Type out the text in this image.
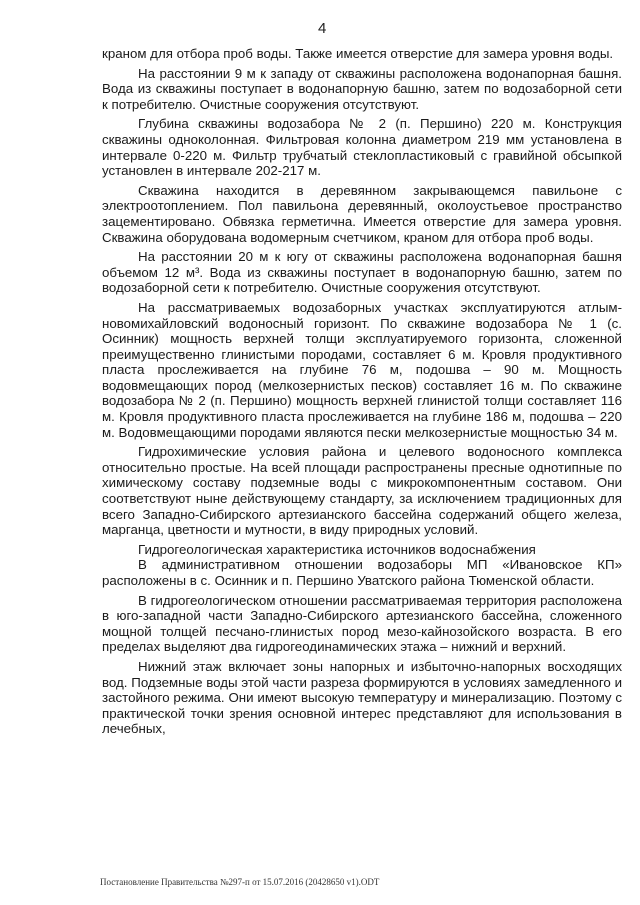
4

краном для отбора проб воды. Также имеется отверстие для замера уровня воды.

На расстоянии 9 м к западу от скважины расположена водонапорная башня. Вода из скважины поступает в водонапорную башню, затем по водозаборной сети к потребителю. Очистные сооружения отсутствуют.

Глубина скважины водозабора № 2 (п. Першино) 220 м. Конструкция скважины одноколонная. Фильтровая колонна диаметром 219 мм установлена в интервале 0-220 м. Фильтр трубчатый стеклопластиковый с гравийной обсыпкой установлен в интервале 202-217 м.

Скважина находится в деревянном закрывающемся павильоне с электроотоплением. Пол павильона деревянный, околоустьевое пространство зацементировано. Обвязка герметична. Имеется отверстие для замера уровня. Скважина оборудована водомерным счетчиком, краном для отбора проб воды.

На расстоянии 20 м к югу от скважины расположена водонапорная башня объемом 12 м³. Вода из скважины поступает в водонапорную башню, затем по водозаборной сети к потребителю. Очистные сооружения отсутствуют.

На рассматриваемых водозаборных участках эксплуатируются атлым-новомихайловский водоносный горизонт. По скважине водозабора № 1 (с. Осинник) мощность верхней толщи эксплуатируемого горизонта, сложенной преимущественно глинистыми породами, составляет 6 м. Кровля продуктивного пласта прослеживается на глубине 76 м, подошва – 90 м. Мощность водовмещающих пород (мелкозернистых песков) составляет 16 м. По скважине водозабора № 2 (п. Першино) мощность верхней глинистой толщи составляет 116 м. Кровля продуктивного пласта прослеживается на глубине 186 м, подошва – 220 м. Водовмещающими породами являются пески мелкозернистые мощностью 34 м.

Гидрохимические условия района и целевого водоносного комплекса относительно простые. На всей площади распространены пресные однотипные по химическому составу подземные воды с микрокомпонентным составом. Они соответствуют ныне действующему стандарту, за исключением традиционных для всего Западно-Сибирского артезианского бассейна содержаний общего железа, марганца, цветности и мутности, в виду природных условий.

Гидрогеологическая характеристика источников водоснабжения

В административном отношении водозаборы МП «Ивановское КП» расположены в с. Осинник и п. Першино Уватского района Тюменской области.

В гидрогеологическом отношении рассматриваемая территория расположена в юго-западной части Западно-Сибирского артезианского бассейна, сложенного мощной толщей песчано-глинистых пород мезо-кайнозойского возраста. В его пределах выделяют два гидрогеодинамических этажа – нижний и верхний.

Нижний этаж включает зоны напорных и избыточно-напорных восходящих вод. Подземные воды этой части разреза формируются в условиях замедленного и застойного режима. Они имеют высокую температуру и минерализацию. Поэтому с практической точки зрения основной интерес представляют для использования в лечебных,

Постановление Правительства №297-п от 15.07.2016 (20428650 v1).ODT
